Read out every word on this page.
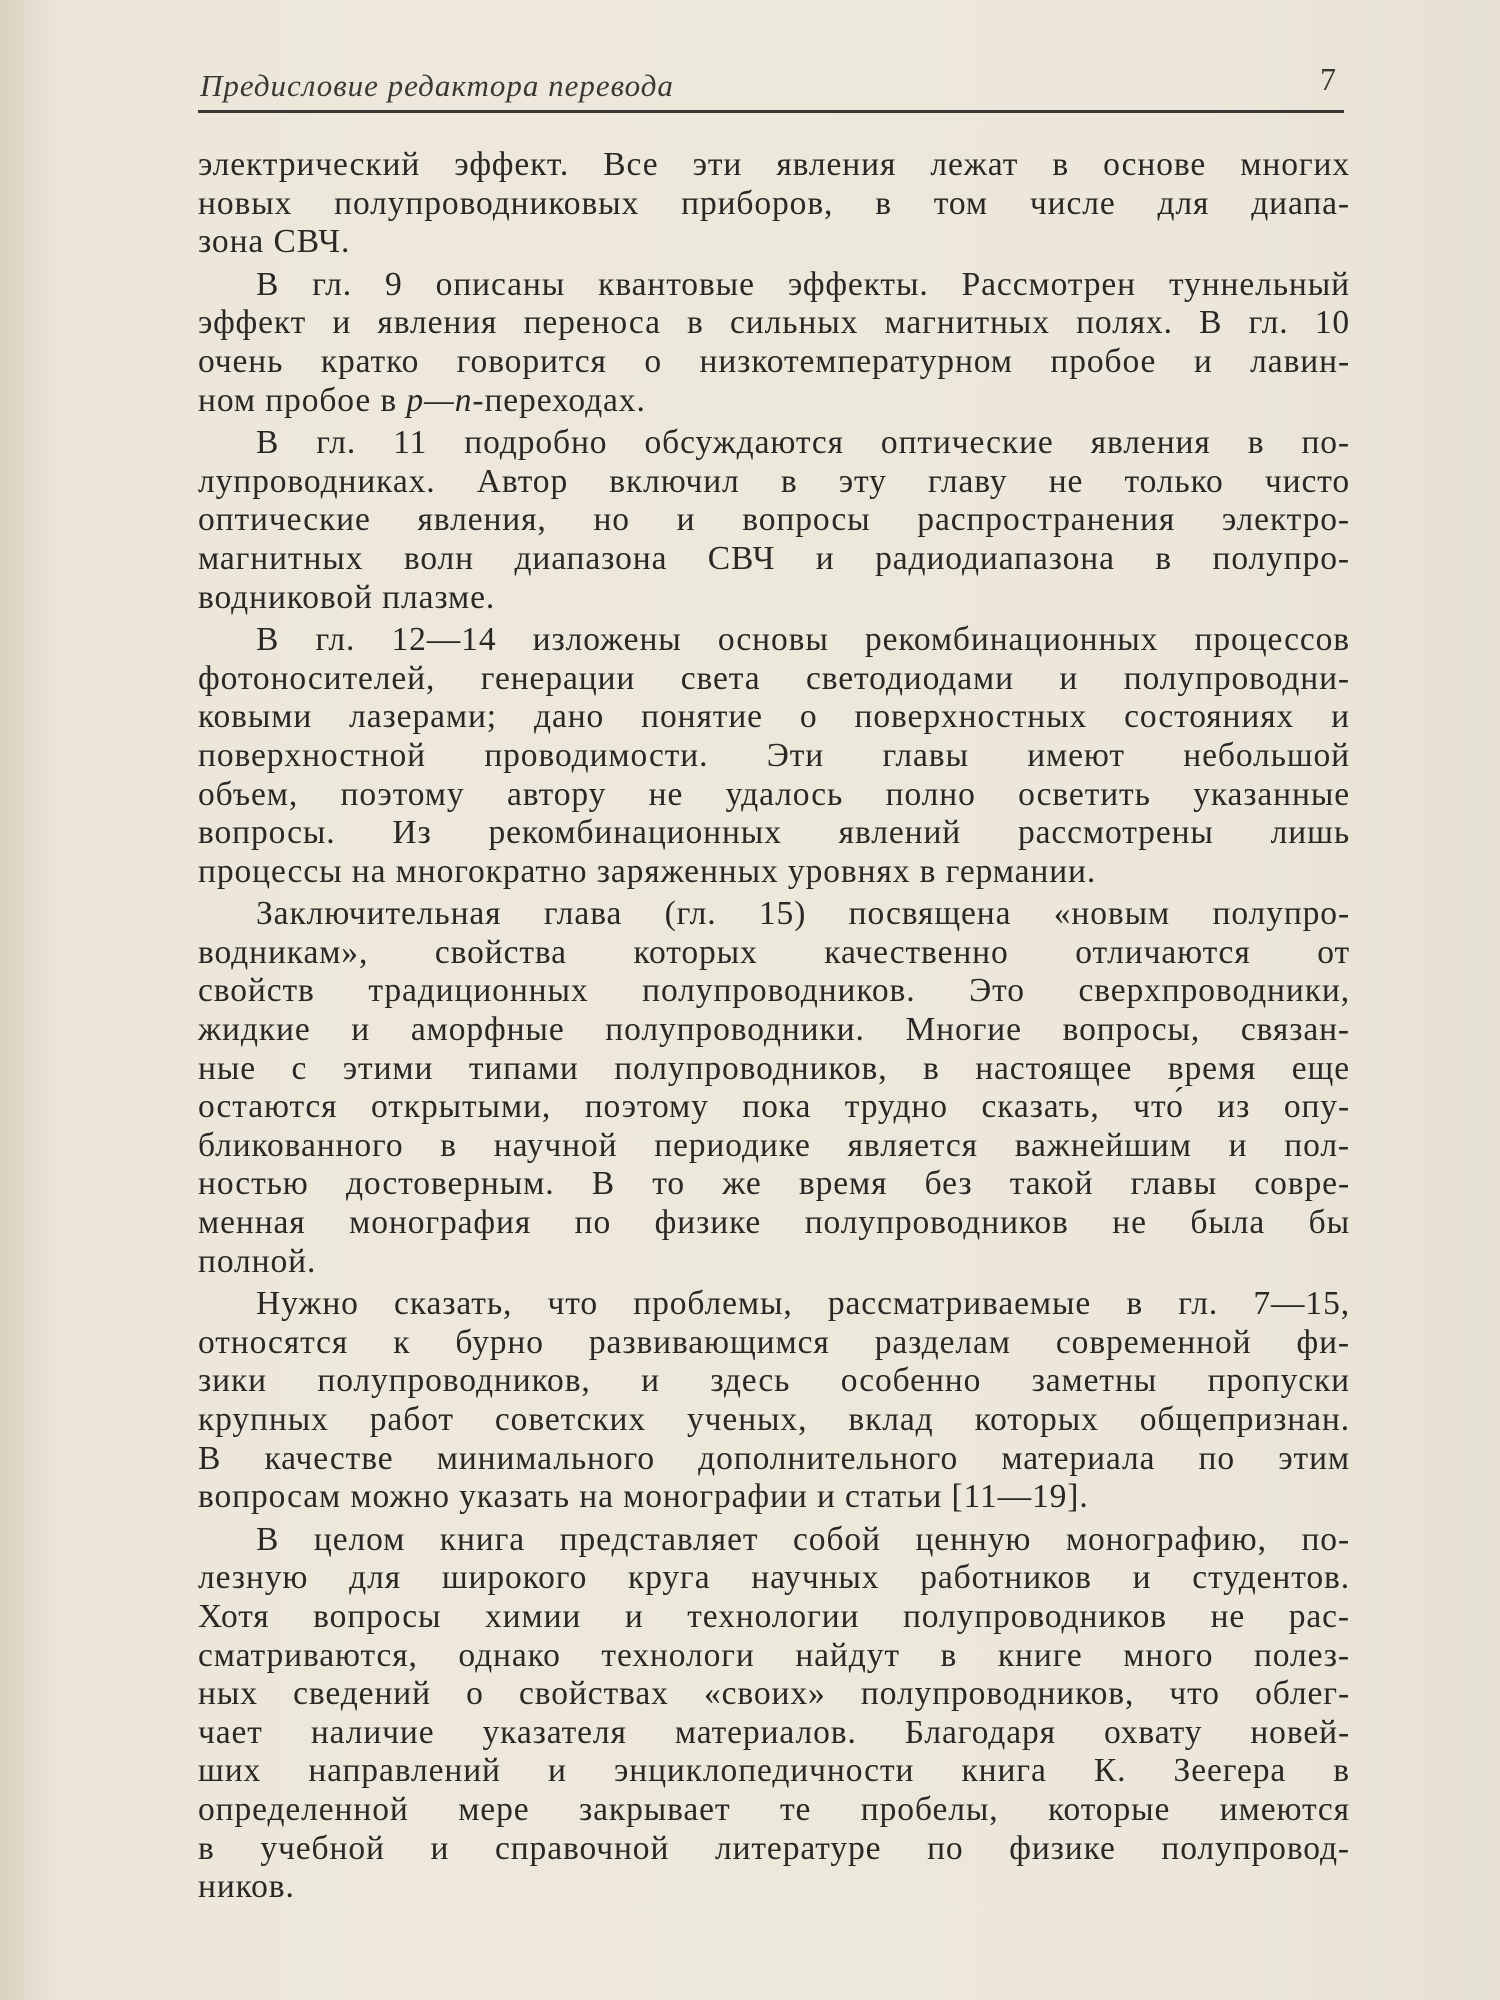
Предисловие редактора перевода	7
электрический эффект. Все эти явления лежат в основе многих
новых полупроводниковых приборов, в том числе для диапа-
зона СВЧ.
В гл. 9 описаны квантовые эффекты. Рассмотрен туннельный
эффект и явления переноса в сильных магнитных полях. В гл. 10
очень кратко говорится о низкотемпературном пробое и лавин-
ном пробое в p—n-переходах.
В гл. 11 подробно обсуждаются оптические явления в по-
лупроводниках. Автор включил в эту главу не только чисто
оптические явления, но и вопросы распространения электро-
магнитных волн диапазона СВЧ и радиодиапазона в полупро-
водниковой плазме.
В гл. 12—14 изложены основы рекомбинационных процессов
фотоносителей, генерации света светодиодами и полупроводни-
ковыми лазерами; дано понятие о поверхностных состояниях и
поверхностной проводимости. Эти главы имеют небольшой
объем, поэтому автору не удалось полно осветить указанные
вопросы. Из рекомбинационных явлений рассмотрены лишь
процессы на многократно заряженных уровнях в германии.
Заключительная глава (гл. 15) посвящена «новым полупро-
водникам», свойства которых качественно отличаются от
свойств традиционных полупроводников. Это сверхпроводники,
жидкие и аморфные полупроводники. Многие вопросы, связан-
ные с этими типами полупроводников, в настоящее время еще
остаются открытыми, поэтому пока трудно сказать, что́ из опу-
бликованного в научной периодике является важнейшим и пол-
ностью достоверным. В то же время без такой главы совре-
менная монография по физике полупроводников не была бы
полной.
Нужно сказать, что проблемы, рассматриваемые в гл. 7—15,
относятся к бурно развивающимся разделам современной фи-
зики полупроводников, и здесь особенно заметны пропуски
крупных работ советских ученых, вклад которых общепризнан.
В качестве минимального дополнительного материала по этим
вопросам можно указать на монографии и статьи [11—19].
В целом книга представляет собой ценную монографию, по-
лезную для широкого круга научных работников и студентов.
Хотя вопросы химии и технологии полупроводников не рас-
сматриваются, однако технологи найдут в книге много полез-
ных сведений о свойствах «своих» полупроводников, что облег-
чает наличие указателя материалов. Благодаря охвату новей-
ших направлений и энциклопедичности книга К. Зеегера в
определенной мере закрывает те пробелы, которые имеются
в учебной и справочной литературе по физике полупровод-
ников.
